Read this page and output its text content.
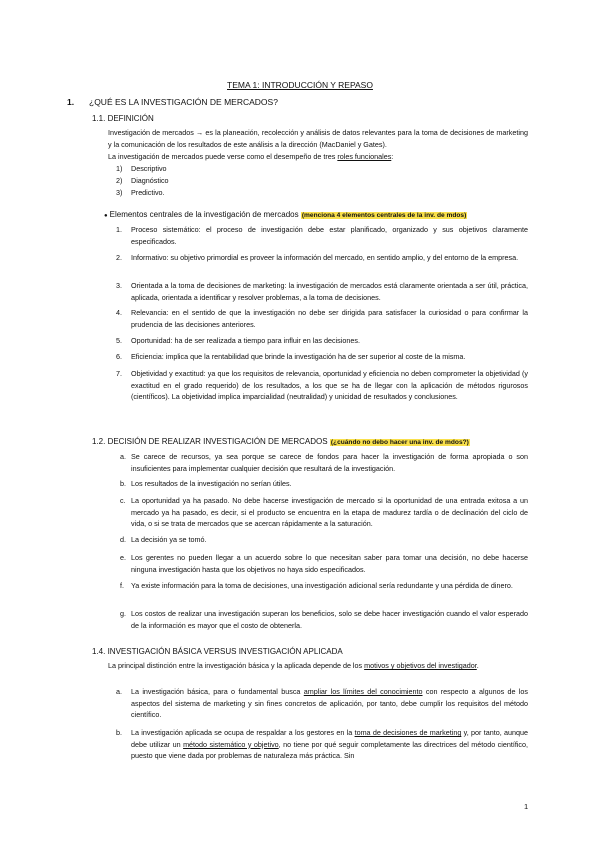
TEMA 1: INTRODUCCIÓN Y REPASO
1. ¿QUÉ ES LA INVESTIGACIÓN DE MERCADOS?
1.1. DEFINICIÓN
Investigación de mercados → es la planeación, recolección y análisis de datos relevantes para la toma de decisiones de marketing y la comunicación de los resultados de este análisis a la dirección (MacDaniel y Gates).
La investigación de mercados puede verse como el desempeño de tres roles funcionales:
1) Descriptivo
2) Diagnóstico
3) Predictivo.
● Elementos centrales de la investigación de mercados (menciona 4 elementos centrales de la inv. de mdos)
1. Proceso sistemático: el proceso de investigación debe estar planificado, organizado y sus objetivos claramente especificados.
2. Informativo: su objetivo primordial es proveer la información del mercado, en sentido amplio, y del entorno de la empresa.
3. Orientada a la toma de decisiones de marketing: la investigación de mercados está claramente orientada a ser útil, práctica, aplicada, orientada a identificar y resolver problemas, a la toma de decisiones.
4. Relevancia: en el sentido de que la investigación no debe ser dirigida para satisfacer la curiosidad o para confirmar la prudencia de las decisiones anteriores.
5. Oportunidad: ha de ser realizada a tiempo para influir en las decisiones.
6. Eficiencia: implica que la rentabilidad que brinde la investigación ha de ser superior al coste de la misma.
7. Objetividad y exactitud: ya que los requisitos de relevancia, oportunidad y eficiencia no deben comprometer la objetividad (y exactitud en el grado requerido) de los resultados, a los que se ha de llegar con la aplicación de métodos rigurosos (científicos). La objetividad implica imparcialidad (neutralidad) y unicidad de resultados y conclusiones.
1.2. DECISIÓN DE REALIZAR INVESTIGACIÓN DE MERCADOS (¿cuándo no debo hacer una inv. de mdos?)
a. Se carece de recursos, ya sea porque se carece de fondos para hacer la investigación de forma apropiada o son insuficientes para implementar cualquier decisión que resultará de la investigación.
b. Los resultados de la investigación no serían útiles.
c. La oportunidad ya ha pasado. No debe hacerse investigación de mercado si la oportunidad de una entrada exitosa a un mercado ya ha pasado, es decir, si el producto se encuentra en la etapa de madurez tardía o de declinación del ciclo de vida, o si se trata de mercados que se acercan rápidamente a la saturación.
d. La decisión ya se tomó.
e. Los gerentes no pueden llegar a un acuerdo sobre lo que necesitan saber para tomar una decisión, no debe hacerse ninguna investigación hasta que los objetivos no haya sido especificados.
f. Ya existe información para la toma de decisiones, una investigación adicional sería redundante y una pérdida de dinero.
g. Los costos de realizar una investigación superan los beneficios, solo se debe hacer investigación cuando el valor esperado de la información es mayor que el costo de obtenerla.
1.4. INVESTIGACIÓN BÁSICA VERSUS INVESTIGACIÓN APLICADA
La principal distinción entre la investigación básica y la aplicada depende de los motivos y objetivos del investigador.
a. La investigación básica, para o fundamental busca ampliar los límites del conocimiento con respecto a algunos de los aspectos del sistema de marketing y sin fines concretos de aplicación, por tanto, debe cumplir los requisitos del método científico.
b. La investigación aplicada se ocupa de respaldar a los gestores en la toma de decisiones de marketing y, por tanto, aunque debe utilizar un método sistemático y objetivo, no tiene por qué seguir completamente las directrices del método científico, puesto que viene dada por problemas de naturaleza más práctica. Sin
1
